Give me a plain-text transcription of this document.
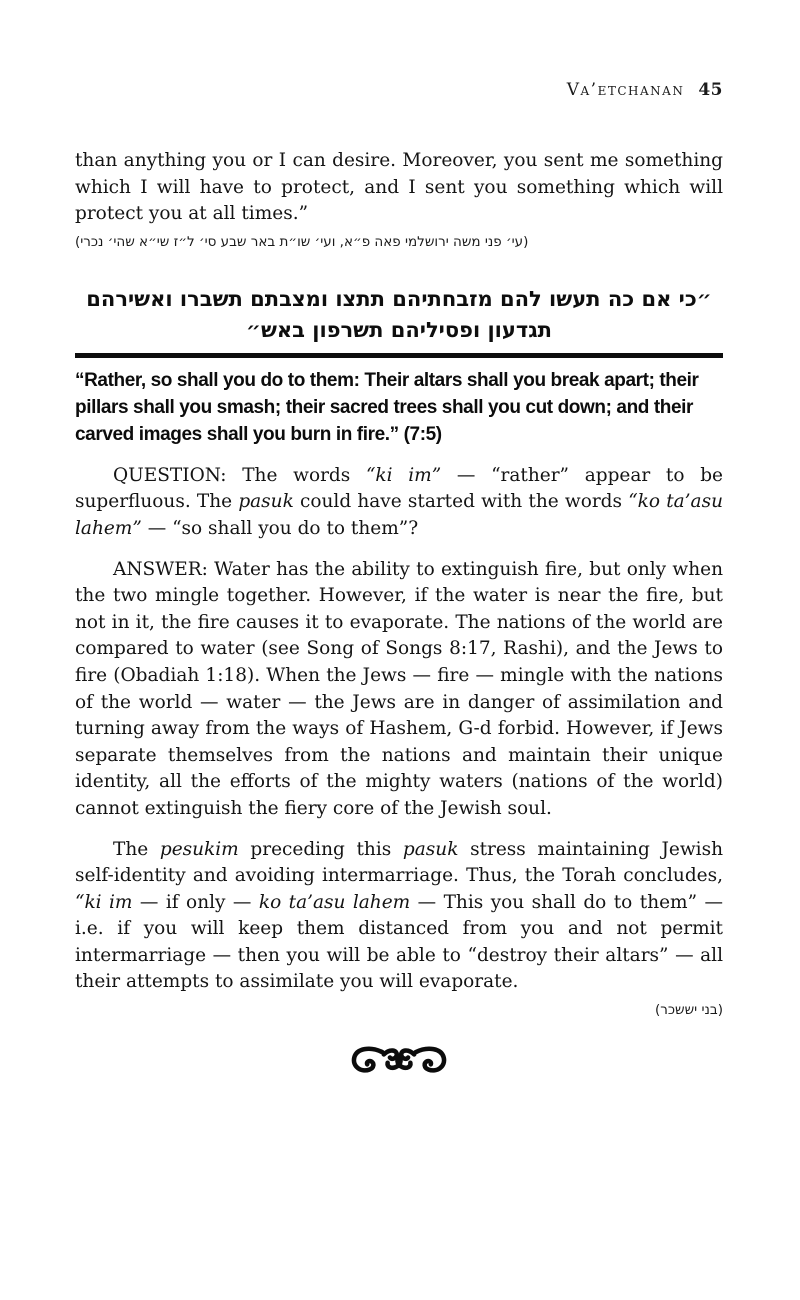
Va’etchanan 45

than anything you or I can desire. Moreover, you sent me something which I will have to protect, and I sent you something which will protect you at all times.”

(עי׳ פני משה ירושלמי פאה פ״א, ועי׳ שו״ת באר שבע סי׳ ל״ז שי״א שהי׳ נכרי)

״כי אם כה תעשו להם מזבחתיהם תתצו ומצבתם תשברו ואשירהם
תגדעון ופסיליהם תשרפון באש״

“Rather, so shall you do to them: Their altars shall you break apart; their pillars shall you smash; their sacred trees shall you cut down; and their carved images shall you burn in fire.” (7:5)

QUESTION: The words “ki im” — “rather” appear to be superfluous. The pasuk could have started with the words “ko ta’asu lahem” — “so shall you do to them”?

ANSWER: Water has the ability to extinguish fire, but only when the two mingle together. However, if the water is near the fire, but not in it, the fire causes it to evaporate. The nations of the world are compared to water (see Song of Songs 8:17, Rashi), and the Jews to fire (Obadiah 1:18). When the Jews — fire — mingle with the nations of the world — water — the Jews are in danger of assimilation and turning away from the ways of Hashem, G-d forbid. However, if Jews separate themselves from the nations and maintain their unique identity, all the efforts of the mighty waters (nations of the world) cannot extinguish the fiery core of the Jewish soul.

The pesukim preceding this pasuk stress maintaining Jewish self-identity and avoiding intermarriage. Thus, the Torah concludes, “ki im — if only — ko ta’asu lahem — This you shall do to them” — i.e. if you will keep them distanced from you and not permit intermarriage — then you will be able to “destroy their altars” — all their attempts to assimilate you will evaporate.

(בני יששכר)
